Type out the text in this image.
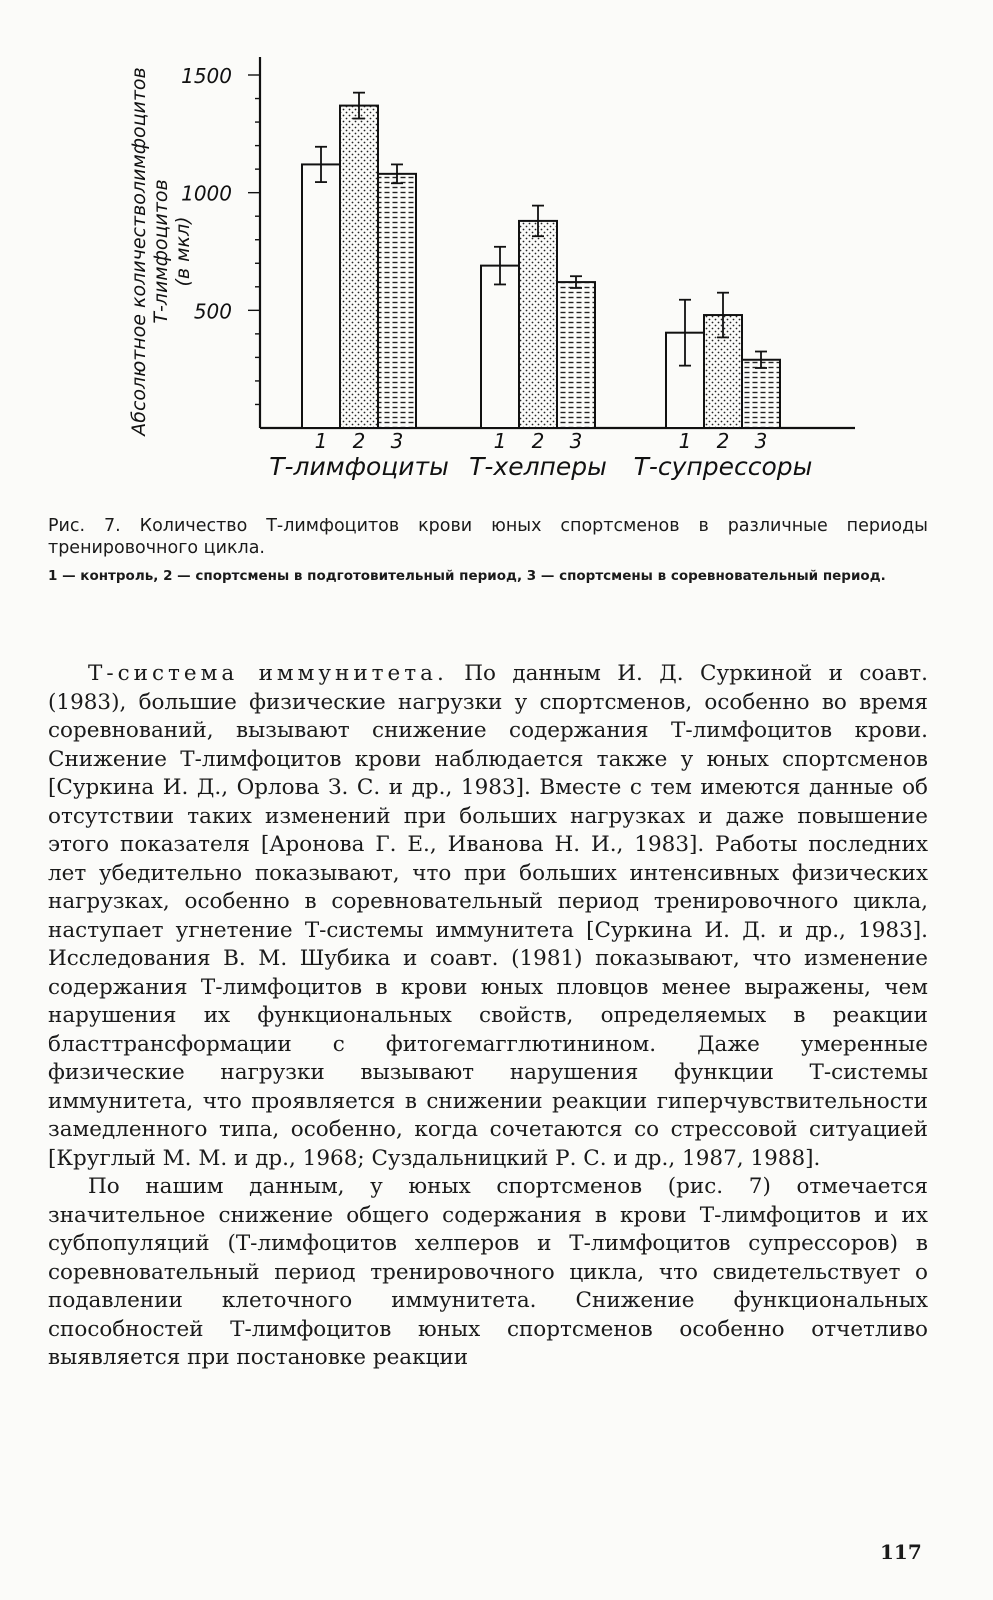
500
1000
1500
Абсолютное количестволимфоцитовТ-лимфоцитов(в мкл)
1 2 3
Т-лимфоциты
1 2 3
Т-хелперы
1 2 3
Т-супрессоры

Рис. 7. Количество Т-лимфоцитов крови юных спортсменов в различные периоды тренировочного цикла.

1 — контроль, 2 — спортсмены в подготовительный период, 3 — спортсмены в соревновательный период.

Т-система иммунитета. По данным И. Д. Суркиной и соавт. (1983), большие физические нагрузки у спортсменов, особенно во время соревнований, вызывают снижение содержания Т-лимфоцитов крови. Снижение Т-лимфоцитов крови наблюдается также у юных спортсменов [Суркина И. Д., Орлова З. С. и др., 1983]. Вместе с тем имеются данные об отсутствии таких изменений при больших нагрузках и даже повышение этого показателя [Аронова Г. Е., Иванова Н. И., 1983]. Работы последних лет убедительно показывают, что при больших интенсивных физических нагрузках, особенно в соревновательный период тренировочного цикла, наступает угнетение Т-системы иммунитета [Суркина И. Д. и др., 1983]. Исследования В. М. Шубика и соавт. (1981) показывают, что изменение содержания Т-лимфоцитов в крови юных пловцов менее выражены, чем нарушения их функциональных свойств, определяемых в реакции бласттрансформации с фитогемагглютинином. Даже умеренные физические нагрузки вызывают нарушения функции Т-системы иммунитета, что проявляется в снижении реакции гиперчувствительности замедленного типа, особенно, когда сочетаются со стрессовой ситуацией [Круглый М. М. и др., 1968; Суздальницкий Р. С. и др., 1987, 1988].

По нашим данным, у юных спортсменов (рис. 7) отмечается значительное снижение общего содержания в крови Т-лимфоцитов и их субпопуляций (Т-лимфоцитов хелперов и Т-лимфоцитов супрессоров) в соревновательный период тренировочного цикла, что свидетельствует о подавлении клеточного иммунитета. Снижение функциональных способностей Т-лимфоцитов юных спортсменов особенно отчетливо выявляется при постановке реакции

117
